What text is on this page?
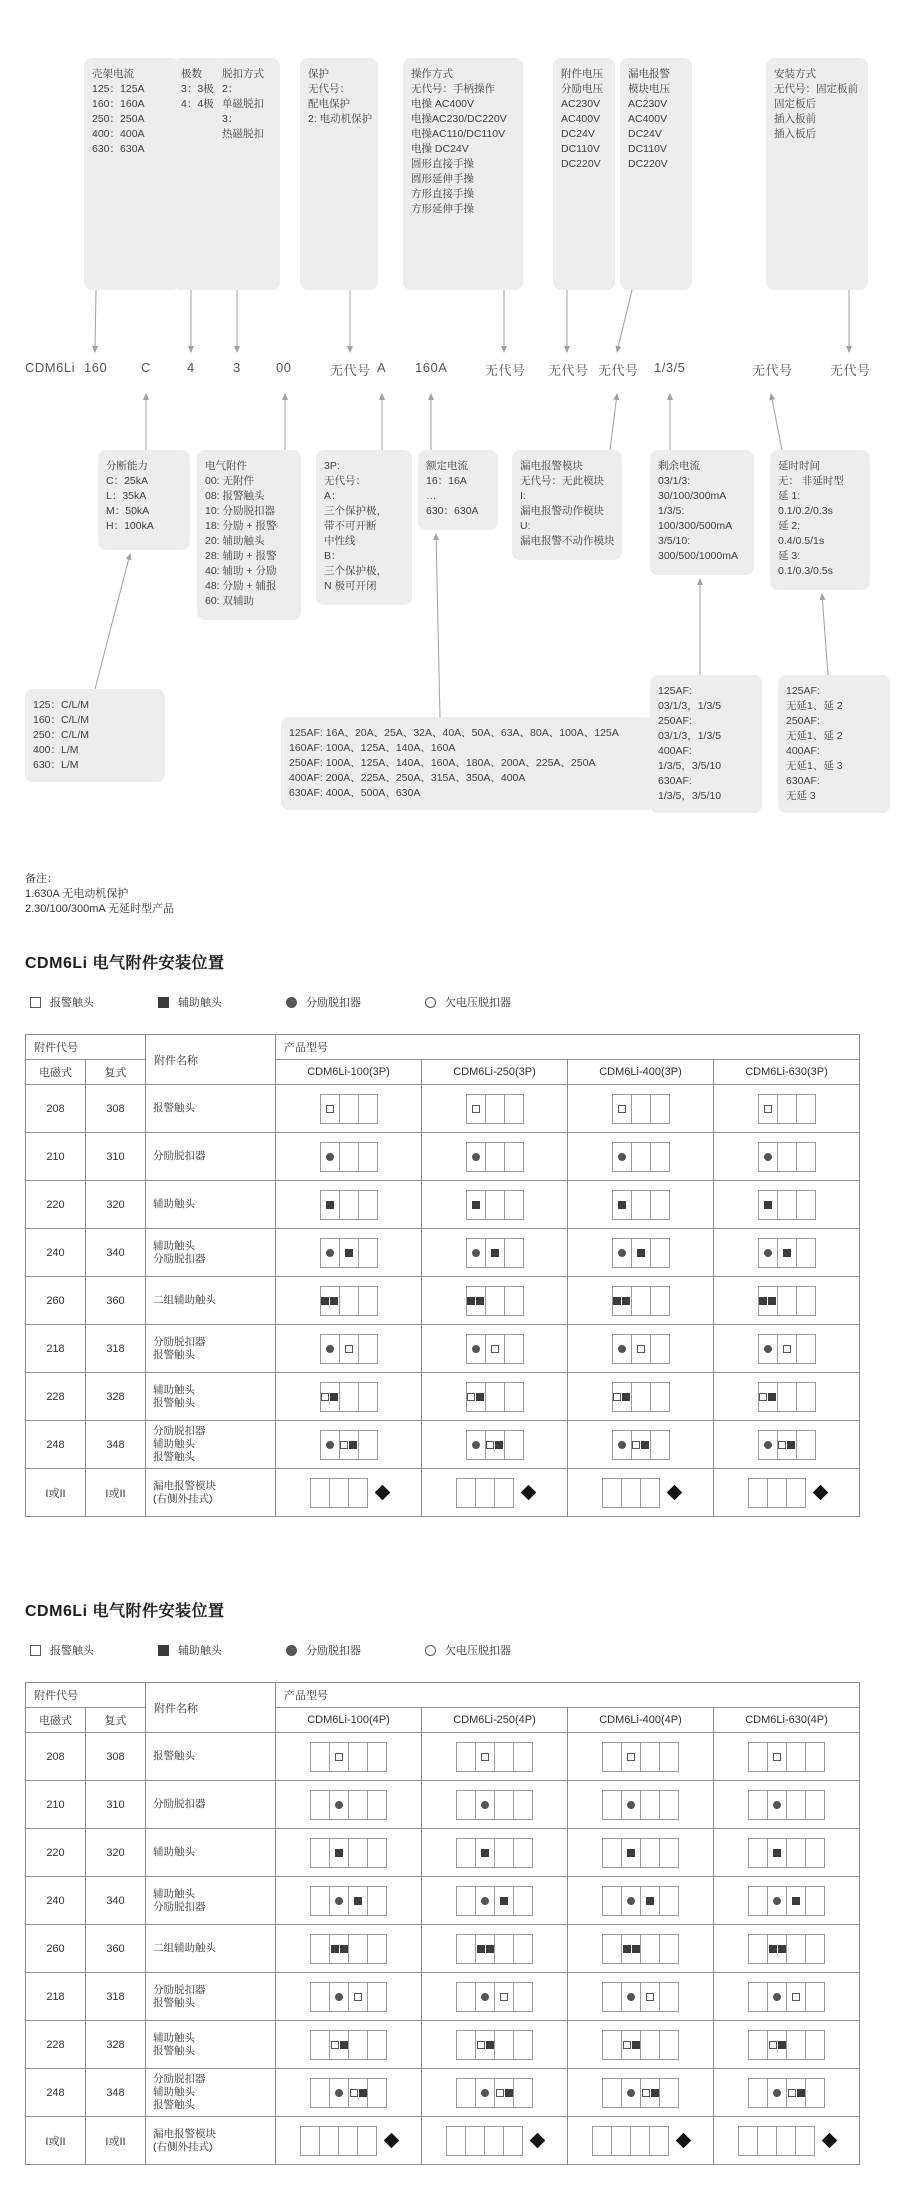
壳架电流
125：125A
160：160A
250：250A
400：400A
630：630A
极数
3：3极
4：4极
脱扣方式
2：
单磁脱扣
3：
热磁脱扣
保护
无代号：
配电保护
2: 电动机保护
操作方式
无代号：手柄操作
电操 AC400V
电操AC230/DC220V
电操AC110/DC110V
电操 DC24V
圆形直接手操
圆形延伸手操
方形直接手操
方形延伸手操
附件电压
分励电压
AC230V
AC400V
DC24V
DC110V
DC220V
漏电报警
模块电压
AC230V
AC400V
DC24V
DC110V
DC220V
安装方式
无代号：固定板前
固定板后
插入板前
插入板后
分断能力
C：25kA
L：35kA
M：50kA
H：100kA
电气附件
00: 无附件
08: 报警触头
10: 分励脱扣器
18: 分励 + 报警
20: 辅助触头
28: 辅助 + 报警
40: 辅助 + 分励
48: 分励 + 辅报
60: 双辅助
3P:
无代号：
A：
三个保护极，
带不可开断
中性线
B：
三个保护极，
N 极可开闭
额定电流
16：16A
…
630：630A
漏电报警模块
无代号：无此模块
I:
漏电报警动作模块
U:
漏电报警不动作模块
剩余电流
03/1/3:
30/100/300mA
1/3/5:
100/300/500mA
3/5/10:
300/500/1000mA
延时时间
无： 非延时型
延 1:
0.1/0.2/0.3s
延 2:
0.4/0.5/1s
延 3:
0.1/0.3/0.5s
125：C/L/M
160：C/L/M
250：C/L/M
400：L/M
630：L/M
125AF: 16A、20A、25A、32A、40A、50A、63A、80A、100A、125A
160AF: 100A、125A、140A、160A
250AF: 100A、125A、140A、160A、180A、200A、225A、250A
400AF: 200A、225A、250A、315A、350A、400A
630AF: 400A、500A、630A
125AF:
03/1/3，1/3/5
250AF:
03/1/3，1/3/5
400AF:
1/3/5，3/5/10
630AF:
1/3/5，3/5/10
125AF:
无延1、延 2
250AF:
无延1、延 2
400AF:
无延1、延 3
630AF:
无延 3
CDM6Li 160	C	4	3	00	无代号 A 160A	无代号 无代号 无代号 1/3/5	无代号	无代号
备注：
1.630A 无电动机保护
2.30/100/300mA 无延时型产品
CDM6Li 电气附件安装位置
报警触头	辅助触头	分励脱扣器	欠电压脱扣器
附件代号		附件名称	产品型号			
电磁式	复式		CDM6Li-100(3P)	CDM6Li-250(3P)	CDM6Li-400(3P)	CDM6Li-630(3P)
208	308	报警触头				

210	310	分励脱扣器				

220	320	辅助触头				

240	340	辅助触头
分励脱扣器				

260	360	二组辅助触头				

218	318	分励脱扣器
报警触头				

228	328	辅助触头
报警触头				

248	348	分励脱扣器
辅助触头
报警触头				

I或II	I或II	漏电报警模块
(右侧外挂式)				

CDM6Li 电气附件安装位置
报警触头	辅助触头	分励脱扣器	欠电压脱扣器
附件代号		附件名称	产品型号			
电磁式	复式		CDM6Li-100(4P)	CDM6Li-250(4P)	CDM6Li-400(4P)	CDM6Li-630(4P)
208	308	报警触头				

210	310	分励脱扣器				

220	320	辅助触头				

240	340	辅助触头
分励脱扣器				

260	360	二组辅助触头				

218	318	分励脱扣器
报警触头				

228	328	辅助触头
报警触头				

248	348	分励脱扣器
辅助触头
报警触头				

I或II	I或II	漏电报警模块
(右侧外挂式)				
